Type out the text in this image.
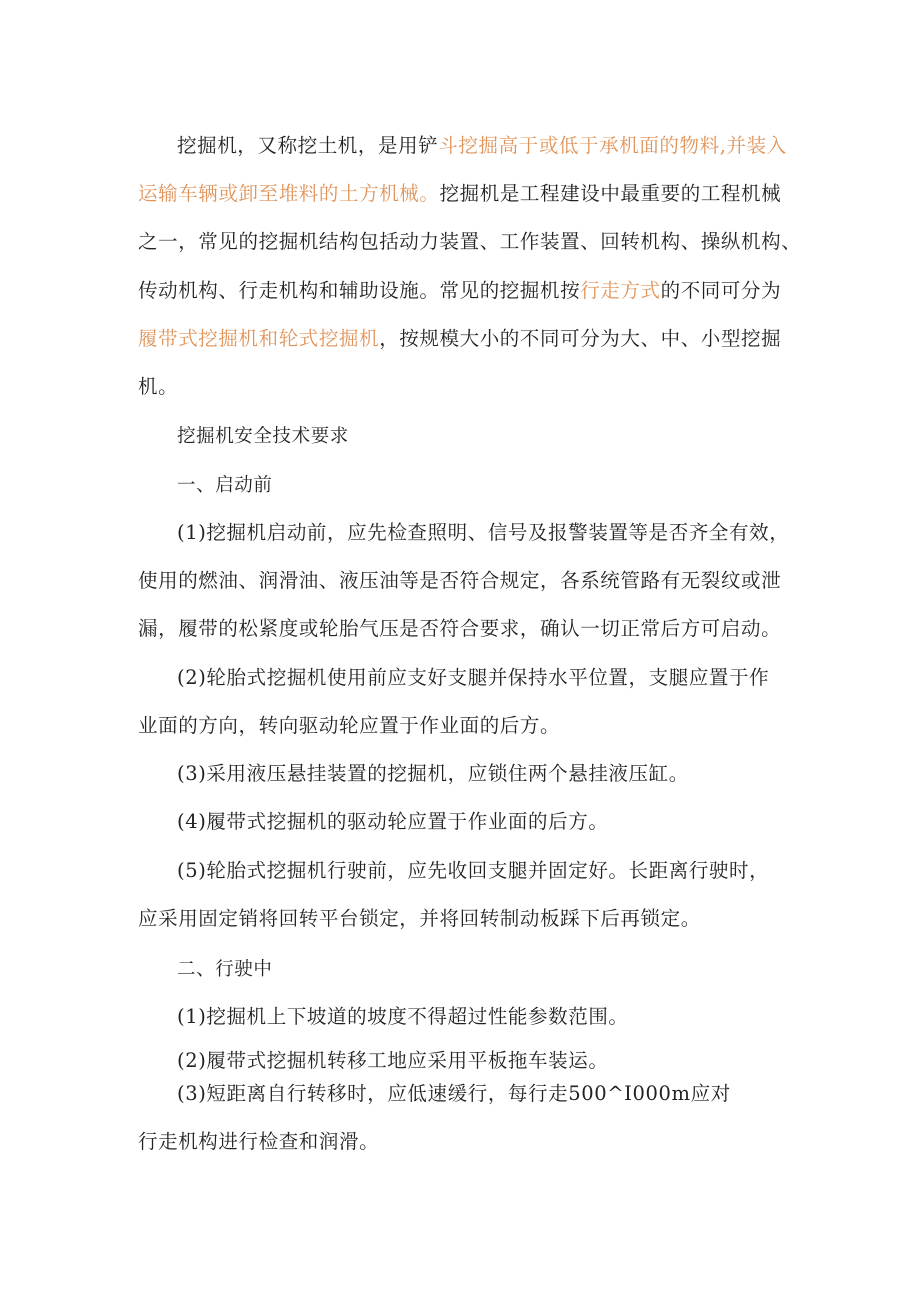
挖掘机，又称挖土机，是用铲斗挖掘高于或低于承机面的物料,并装入
运输车辆或卸至堆料的土方机械。挖掘机是工程建设中最重要的工程机械
之一，常见的挖掘机结构包括动力装置、工作装置、回转机构、操纵机构、
传动机构、行走机构和辅助设施。常见的挖掘机按行走方式的不同可分为
履带式挖掘机和轮式挖掘机，按规模大小的不同可分为大、中、小型挖掘
机。
挖掘机安全技术要求
一、启动前
(1)挖掘机启动前，应先检查照明、信号及报警装置等是否齐全有效，
使用的燃油、润滑油、液压油等是否符合规定，各系统管路有无裂纹或泄
漏，履带的松紧度或轮胎气压是否符合要求，确认一切正常后方可启动。
(2)轮胎式挖掘机使用前应支好支腿并保持水平位置，支腿应置于作
业面的方向，转向驱动轮应置于作业面的后方。
(3)采用液压悬挂装置的挖掘机，应锁住两个悬挂液压缸。
(4)履带式挖掘机的驱动轮应置于作业面的后方。
(5)轮胎式挖掘机行驶前，应先收回支腿并固定好。长距离行驶时，
应采用固定销将回转平台锁定，并将回转制动板踩下后再锁定。
二、行驶中
(1)挖掘机上下坡道的坡度不得超过性能参数范围。
(2)履带式挖掘机转移工地应采用平板拖车装运。
(3)短距离自行转移时，应低速缓行，每行走500^I000m应对
行走机构进行检查和润滑。
